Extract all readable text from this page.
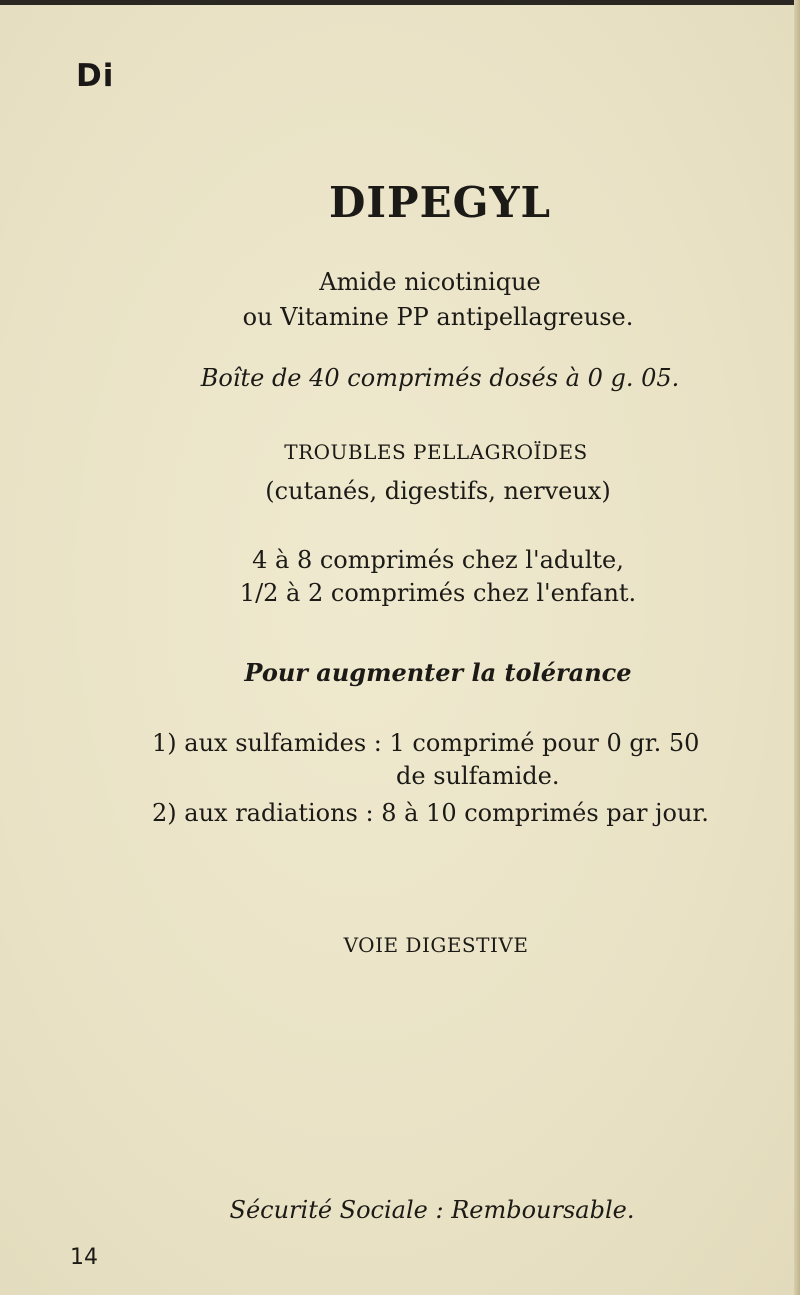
Di
DIPEGYL
Amide nicotinique
ou Vitamine PP antipellagreuse.
Boîte de 40 comprimés dosés à 0 g. 05.
TROUBLES PELLAGROÏDES
(cutanés, digestifs, nerveux)
4 à 8 comprimés chez l'adulte,
1/2 à 2 comprimés chez l'enfant.
Pour augmenter la tolérance
1) aux sulfamides : 1 comprimé pour 0 gr. 50
de sulfamide.
2) aux radiations : 8 à 10 comprimés par jour.
VOIE DIGESTIVE
Sécurité Sociale : Remboursable.
14
